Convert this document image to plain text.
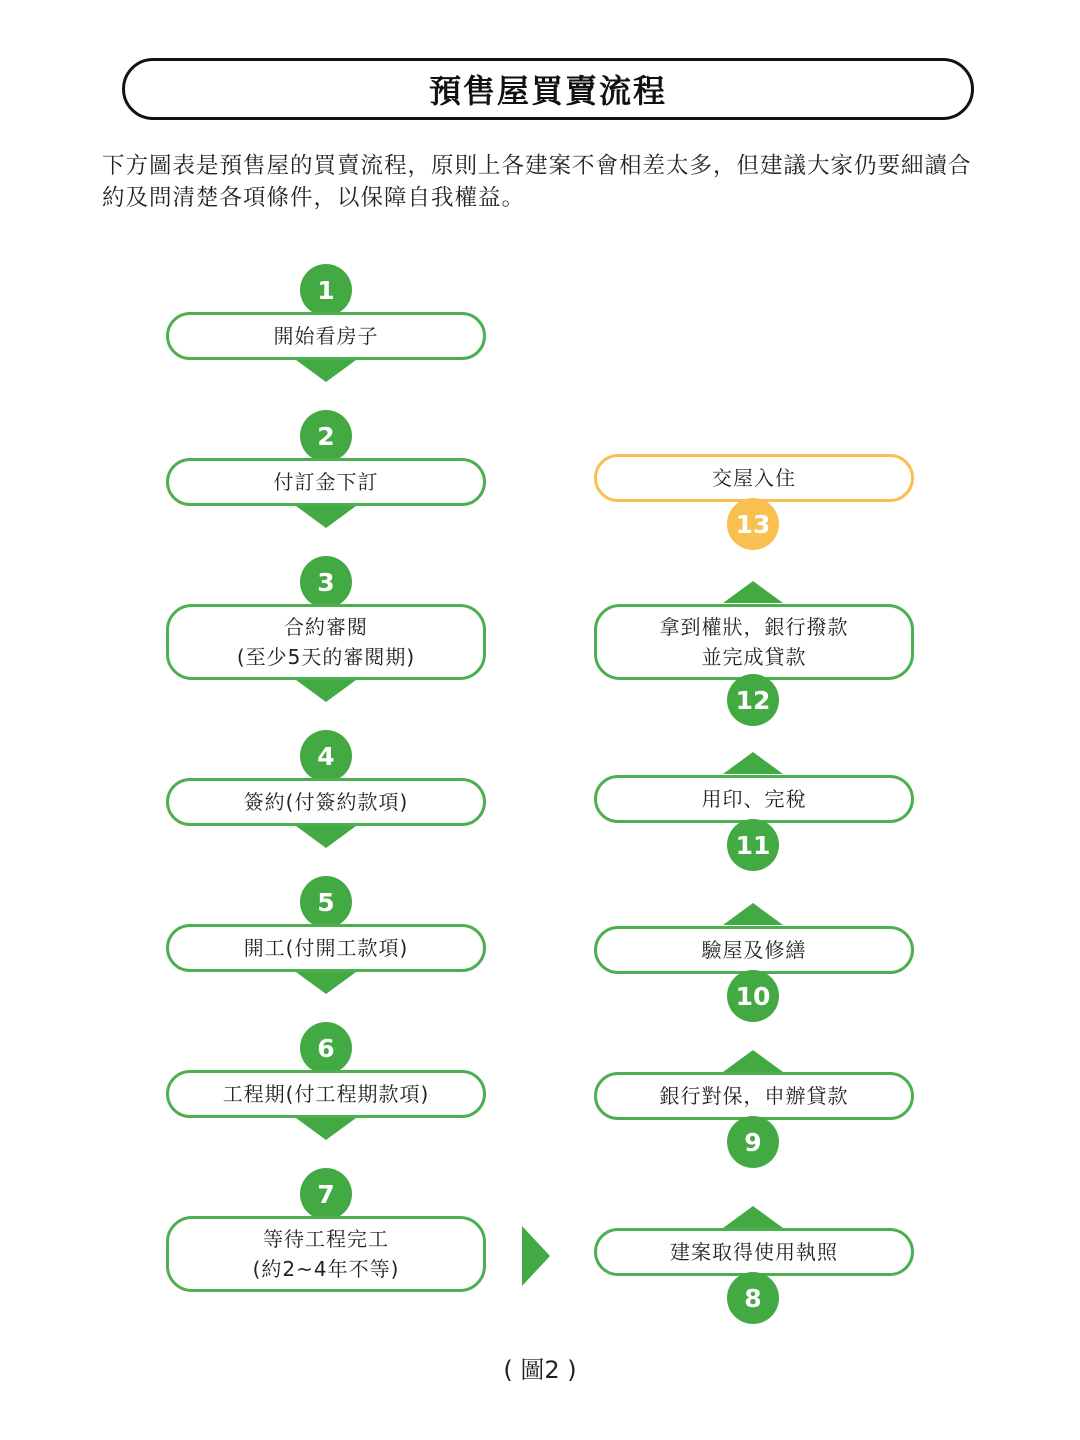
預售屋買賣流程
下方圖表是預售屋的買賣流程，原則上各建案不會相差太多，但建議大家仍要細讀合約及問清楚各項條件，以保障自我權益。
1
開始看房子
2
付訂金下訂
3
合約審閱
(至少5天的審閱期)
4
簽約(付簽約款項)
5
開工(付開工款項)
6
工程期(付工程期款項)
7
等待工程完工
(約2~4年不等)
建案取得使用執照
8
銀行對保，申辦貸款
9
驗屋及修繕
10
用印、完稅
11
拿到權狀，銀行撥款
並完成貸款
12
交屋入住
13
( 圖2 )
